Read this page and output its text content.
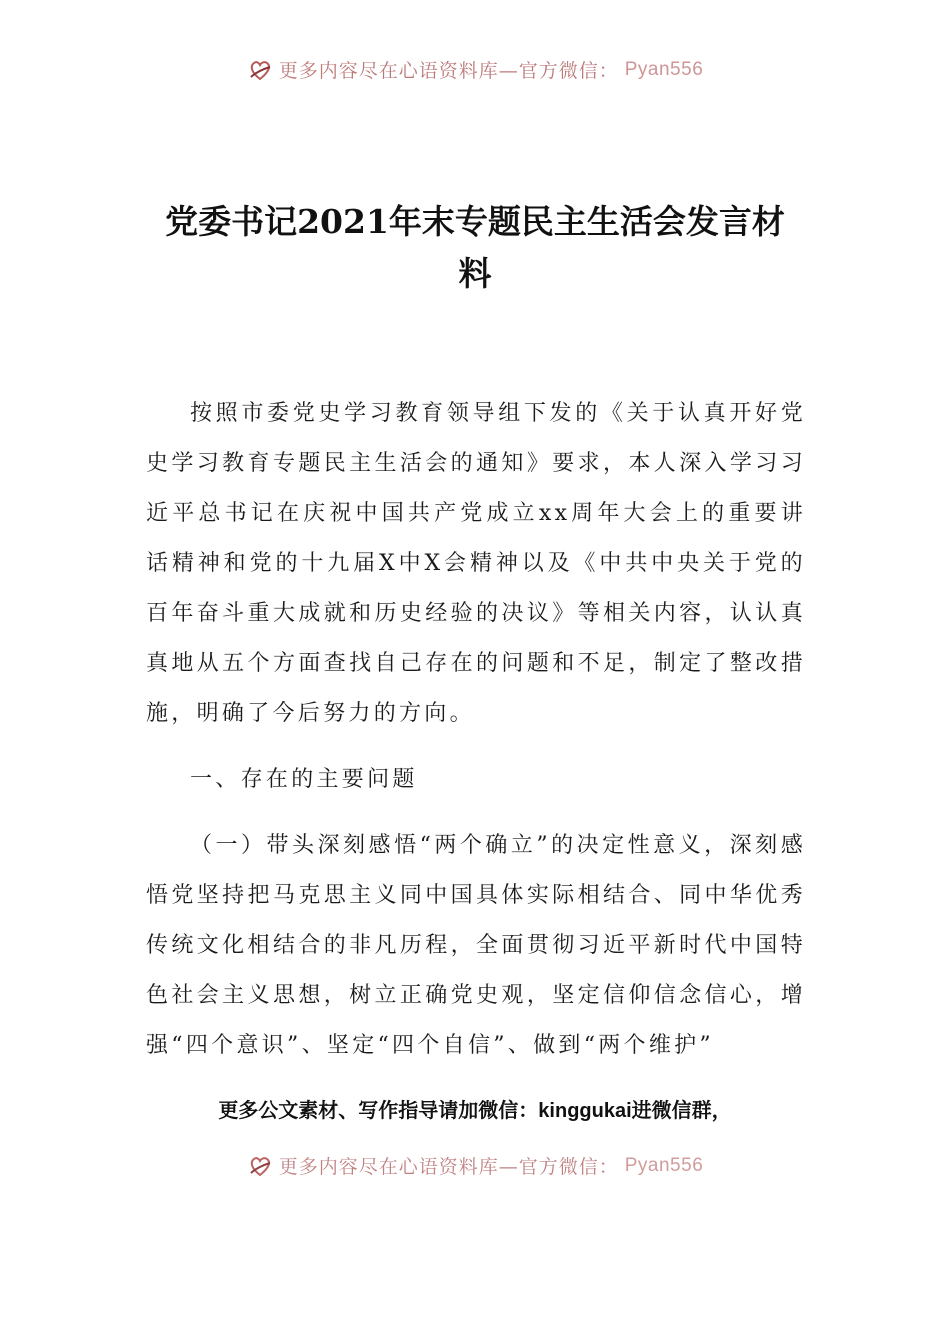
更多内容尽在心语资料库—官方微信： Pyan556
党委书记2021年末专题民主生活会发言材
料

按照市委党史学习教育领导组下发的《关于认真开好党史学习教育专题民主生活会的通知》要求，本人深入学习习近平总书记在庆祝中国共产党成立xx周年大会上的重要讲话精神和党的十九届X中X会精神以及《中共中央关于党的百年奋斗重大成就和历史经验的决议》等相关内容，认认真真地从五个方面查找自己存在的问题和不足，制定了整改措施，明确了今后努力的方向。

一、存在的主要问题

（一）带头深刻感悟“两个确立”的决定性意义，深刻感悟党坚持把马克思主义同中国具体实际相结合、同中华优秀传统文化相结合的非凡历程，全面贯彻习近平新时代中国特色社会主义思想，树立正确党史观，坚定信仰信念信心，增强“四个意识”、坚定“四个自信”、做到“两个维护”

更多公文素材、写作指导请加微信：kinggukai进微信群，
更多内容尽在心语资料库—官方微信： Pyan556
